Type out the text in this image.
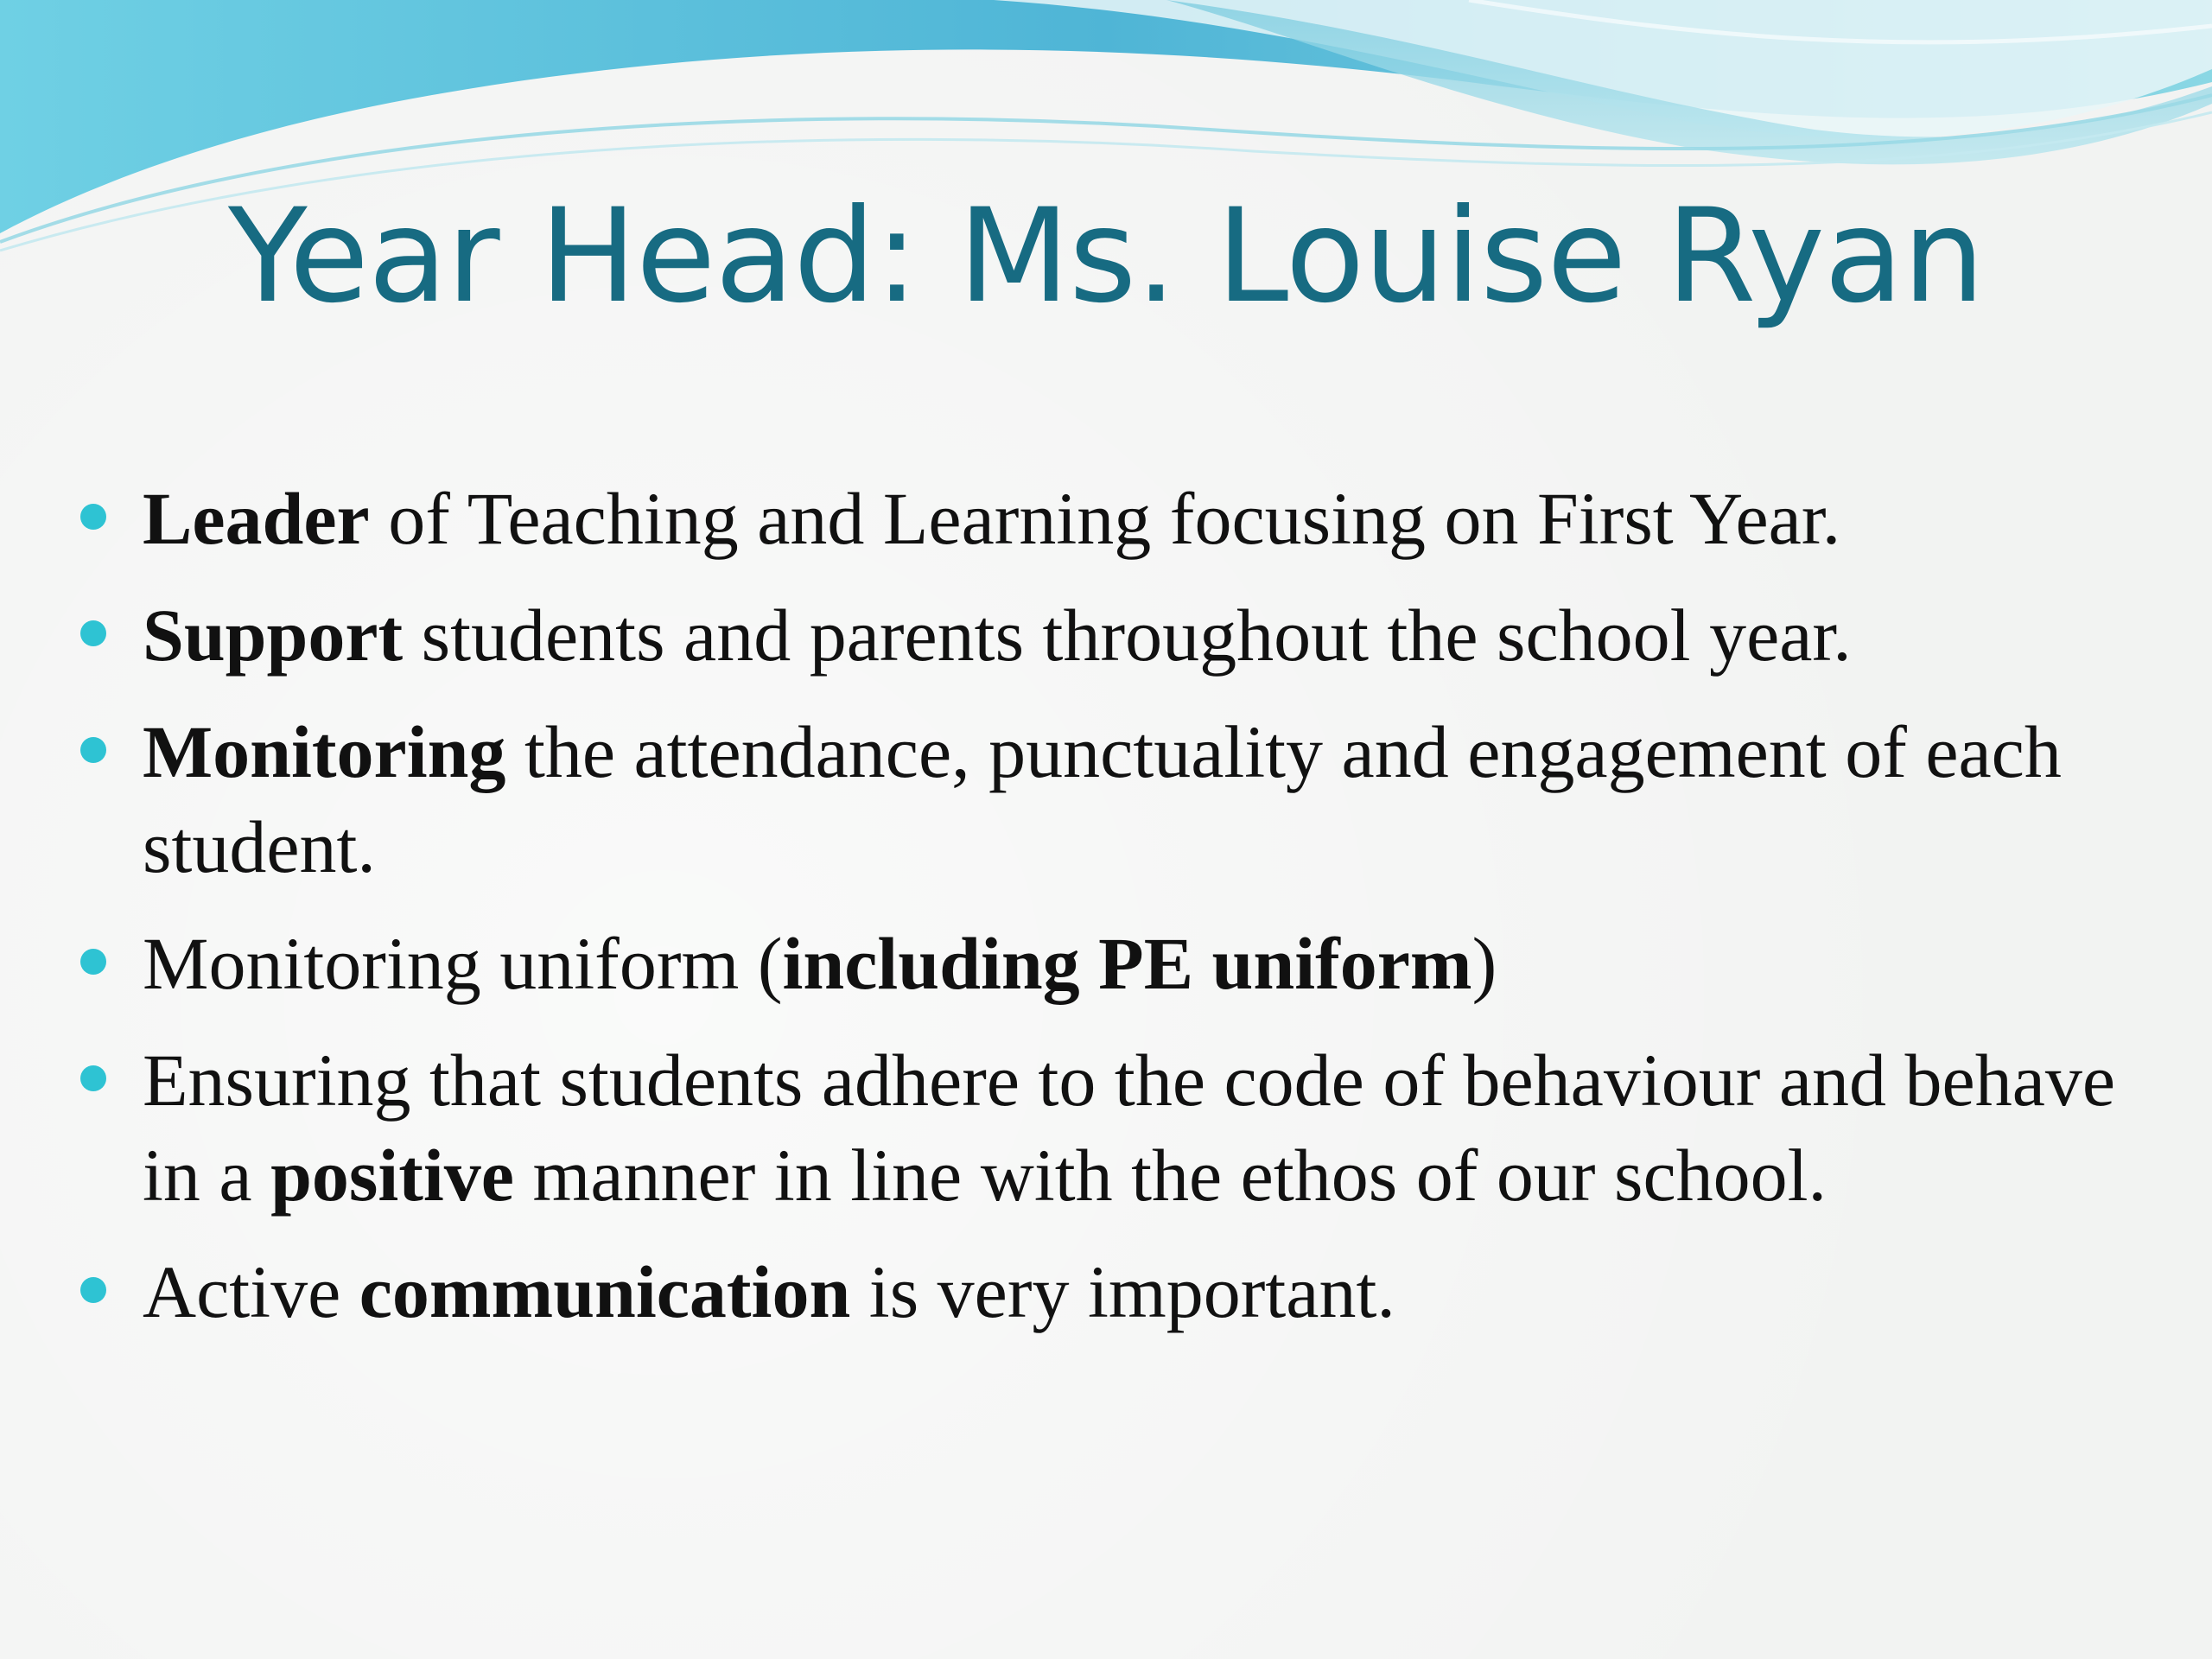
Year Head: Ms. Louise Ryan
Leader of Teaching and Learning focusing on First Year.
Support students and parents throughout the school year.
Monitoring the attendance, punctuality and engagement of each student.
Monitoring uniform (including PE uniform)
Ensuring that students adhere to the code of behaviour and behave in a positive manner in line with the ethos of our school.
Active communication is very important.
